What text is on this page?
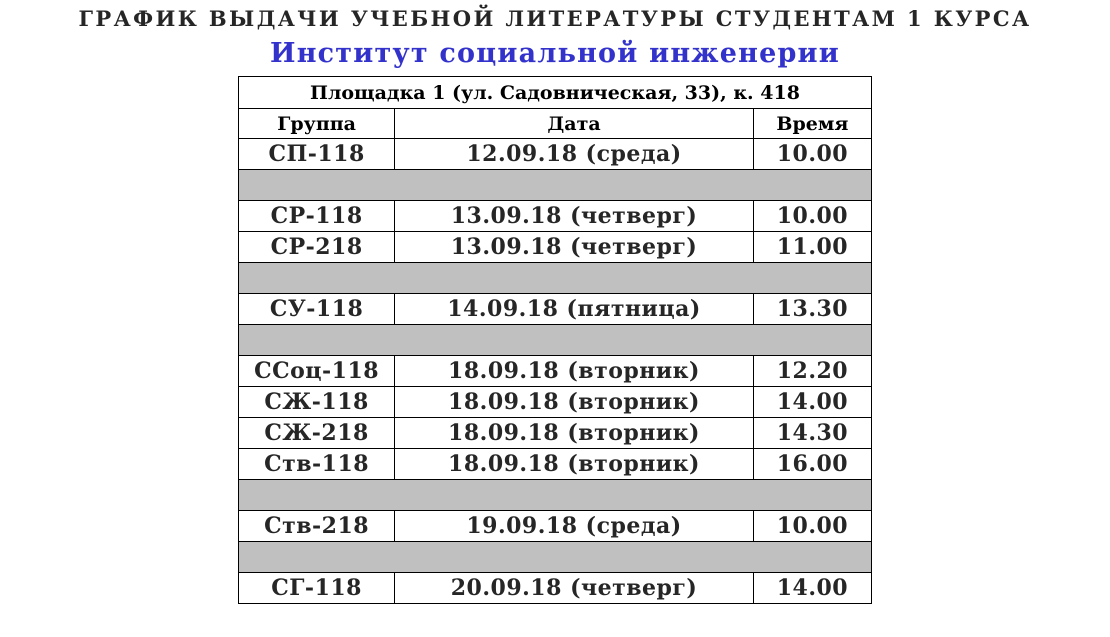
ГРАФИК ВЫДАЧИ УЧЕБНОЙ ЛИТЕРАТУРЫ СТУДЕНТАМ 1 КУРСА
Институт социальной инженерии
Площадка 1 (ул. Садовническая, 33), к. 418		
Группа	Дата	Время
СП-118	12.09.18 (среда)	10.00

СР-118	13.09.18 (четверг)	10.00
СР-218	13.09.18 (четверг)	11.00

СУ-118	14.09.18 (пятница)	13.30

ССоц-118	18.09.18 (вторник)	12.20
СЖ-118	18.09.18 (вторник)	14.00
СЖ-218	18.09.18 (вторник)	14.30
Ств-118	18.09.18 (вторник)	16.00

Ств-218	19.09.18 (среда)	10.00

СГ-118	20.09.18 (четверг)	14.00
